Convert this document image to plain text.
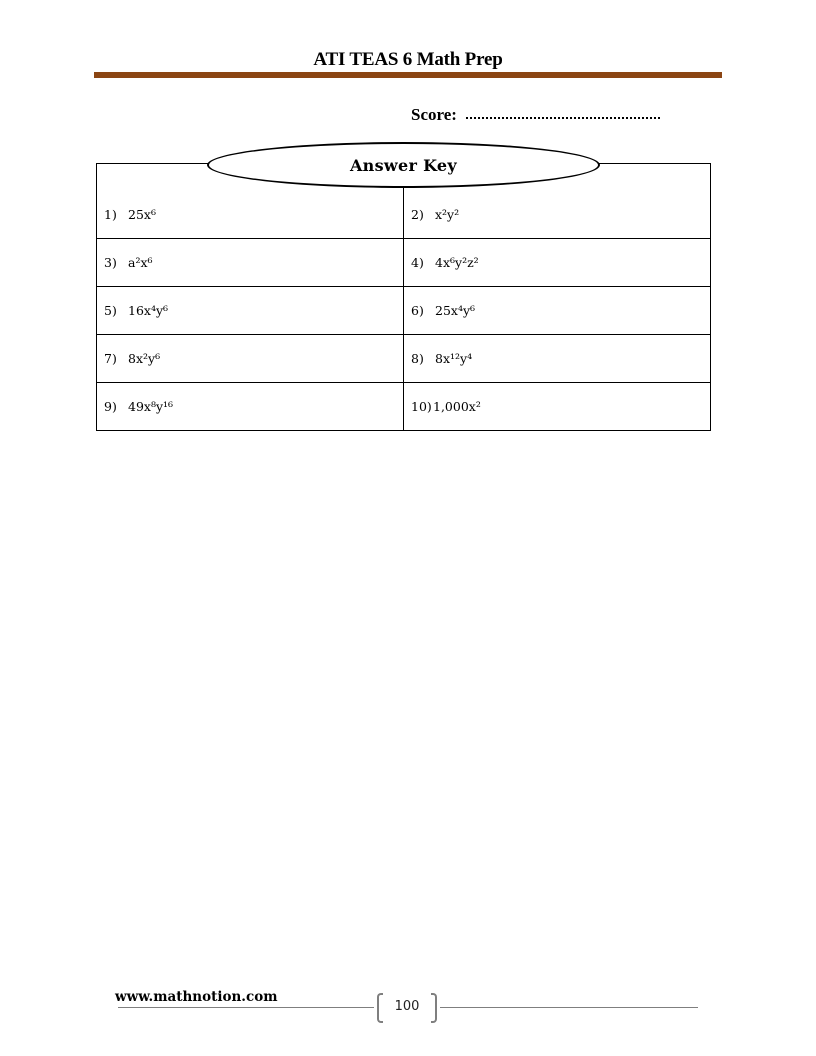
ATI TEAS 6 Math Prep
Score:

1) 25x⁶	2) x²y²
3) a²x⁶	4) 4x⁶y²z²
5) 16x⁴y⁶	6) 25x⁴y⁶
7) 8x²y⁶	8) 8x¹²y⁴
9) 49x⁸y¹⁶	10)1,000x²
Answer Key
www.mathnotion.com
100
